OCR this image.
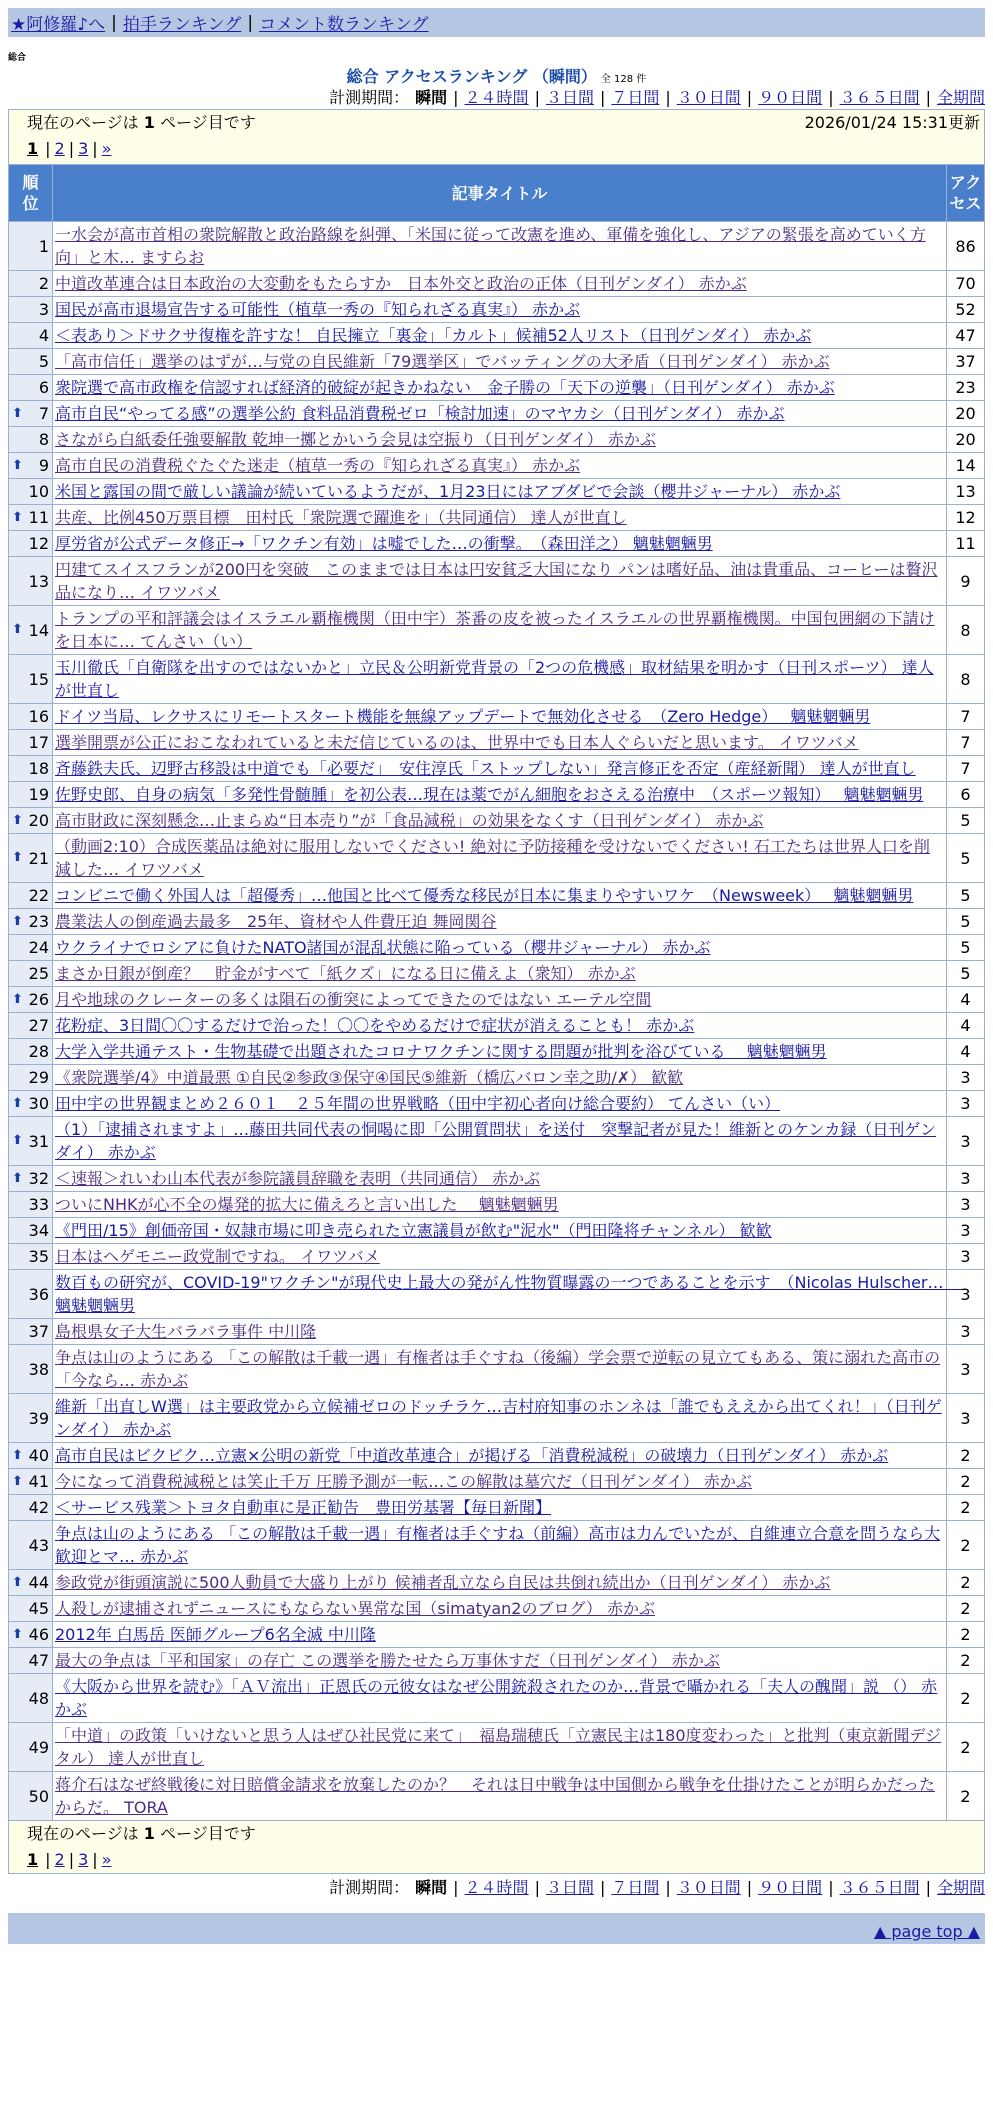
★阿修羅♪へ | 拍手ランキング | コメント数ランキング
総合
総合 アクセスランキング （瞬間） 全 128 件
計測期間： 瞬間 | ２４時間 | ３日間 | ７日間 | ３０日間 | ９０日間 | ３６５日間 | 全期間
現在のページは 1 ページ目です	2026/01/24 15:31更新
1 | 2 | 3 | »
順
位	記事タイトル	アク
セス
1	一水会が高市首相の衆院解散と政治路線を糾弾、「米国に従って改憲を進め、軍備を強化し、アジアの緊張を高めていく方向」と木… ますらお	86
2	中道改革連合は日本政治の大変動をもたらすか　日本外交と政治の正体（日刊ゲンダイ） 赤かぶ	70
3	国民が高市退場宣告する可能性（植草一秀の『知られざる真実』） 赤かぶ	52
4	＜表あり＞ドサクサ復権を許すな！ 自民擁立「裏金」「カルト」候補52人リスト（日刊ゲンダイ） 赤かぶ	47
5	「高市信任」選挙のはずが…与党の自民維新「79選挙区」でバッティングの大矛盾（日刊ゲンダイ） 赤かぶ	37
6	衆院選で高市政権を信認すれば経済的破綻が起きかねない　金子勝の「天下の逆襲」（日刊ゲンダイ） 赤かぶ	23

⬆ 7	高市自民“やってる感”の選挙公約 食料品消費税ゼロ「検討加速」のマヤカシ（日刊ゲンダイ） 赤かぶ	20
8	さながら白紙委任強要解散 乾坤一擲とかいう会見は空振り（日刊ゲンダイ） 赤かぶ	20

⬆ 9	高市自民の消費税ぐたぐた迷走（植草一秀の『知られざる真実』） 赤かぶ	14
10	米国と露国の間で厳しい議論が続いているようだが、1月23日にはアブダビで会談（櫻井ジャーナル） 赤かぶ	13

⬆ 11	共産、比例450万票目標　田村氏「衆院選で躍進を」（共同通信） 達人が世直し	12
12	厚労省が公式データ修正→「ワクチン有効」は嘘でした…の衝撃。　（森田洋之） 魑魅魍魎男	11
13	円建てスイスフランが200円を突破　このままでは日本は円安貧乏大国になり パンは嗜好品、油は貴重品、コーヒーは贅沢品になり… イワツバメ	9

⬆ 14	トランプの平和評議会はイスラエル覇権機関（田中宇）茶番の皮を被ったイスラエルの世界覇権機関。中国包囲網の下請けを日本に… てんさい（い）	8
15	玉川徹氏「自衛隊を出すのではないかと」立民＆公明新党背景の「2つの危機感」取材結果を明かす（日刊スポーツ） 達人が世直し	8
16	ドイツ当局、レクサスにリモートスタート機能を無線アップデートで無効化させる　（Zero Hedge）　 魑魅魍魎男	7
17	選挙開票が公正におこなわれていると未だ信じているのは、世界中でも日本人ぐらいだと思います。 イワツバメ	7
18	斉藤鉄夫氏、辺野古移設は中道でも「必要だ」　安住淳氏「ストップしない」発言修正を否定（産経新聞） 達人が世直し	7
19	佐野史郎、自身の病気「多発性骨髄腫」を初公表…現在は薬でがん細胞をおさえる治療中　（スポーツ報知）　 魑魅魍魎男	6

⬆ 20	高市財政に深刻懸念…止まらぬ“日本売り”が「食品減税」の効果をなくす（日刊ゲンダイ） 赤かぶ	5

⬆ 21	（動画2:10）合成医薬品は絶対に服用しないでください! 絶対に予防接種を受けないでください! 石工たちは世界人口を削減した… イワツバメ	5
22	コンビニで働く外国人は「超優秀」…他国と比べて優秀な移民が日本に集まりやすいワケ　（Newsweek）　 魑魅魍魎男	5

⬆ 23	農業法人の倒産過去最多　25年、資材や人件費圧迫 舞岡関谷	5
24	ウクライナでロシアに負けたNATO諸国が混乱状態に陥っている（櫻井ジャーナル） 赤かぶ	5
25	まさか日銀が倒産？　貯金がすべて「紙クズ」になる日に備えよ（衆知） 赤かぶ	5

⬆ 26	月や地球のクレーターの多くは隕石の衝突によってできたのではない エーテル空間	4
27	花粉症、3日間〇〇するだけで治った！〇〇をやめるだけで症状が消えることも！ 赤かぶ	4
28	大学入学共通テスト・生物基礎で出題されたコロナワクチンに関する問題が批判を浴びている　 魑魅魍魎男	4
29	《衆院選挙/4》中道最悪 ①自民②参政③保守④国民⑤維新（橋広バロン幸之助/✗） 歓歓	3

⬆ 30	田中宇の世界観まとめ２６０１　２５年間の世界戦略（田中宇初心者向け総合要約） てんさい（い）	3

⬆ 31	（1）「逮捕されますよ」…藤田共同代表の恫喝に即「公開質問状」を送付　突撃記者が見た！維新とのケンカ録（日刊ゲンダイ） 赤かぶ	3

⬆ 32	＜速報＞れいわ山本代表が参院議員辞職を表明（共同通信） 赤かぶ	3
33	ついにNHKが心不全の爆発的拡大に備えろと言い出した　 魑魅魍魎男	3
34	《門田/15》創価帝国・奴隷市場に叩き売られた立憲議員が飲む"泥水"（門田隆将チャンネル） 歓歓	3
35	日本はヘゲモニー政党制ですね。 イワツバメ	3
36	数百もの研究が、COVID-19"ワクチン"が現代史上最大の発がん性物質曝露の一つであることを示す　（Nicolas Hulscher…　 魑魅魍魎男	3
37	島根県女子大生バラバラ事件 中川隆	3
38	争点は山のようにある 「この解散は千載一遇」有権者は手ぐすね（後編）学会票で逆転の見立てもある、策に溺れた高市の「今なら… 赤かぶ	3
39	維新「出直しW選」は主要政党から立候補ゼロのドッチラケ…吉村府知事のホンネは「誰でもええから出てくれ！」（日刊ゲンダイ） 赤かぶ	3

⬆ 40	高市自民はビクビク…立憲×公明の新党「中道改革連合」が掲げる「消費税減税」の破壊力（日刊ゲンダイ） 赤かぶ	2

⬆ 41	今になって消費税減税とは笑止千万 圧勝予測が一転…この解散は墓穴だ（日刊ゲンダイ） 赤かぶ	2
42	＜サービス残業＞トヨタ自動車に是正勧告　豊田労基署【毎日新聞】	2
43	争点は山のようにある 「この解散は千載一遇」有権者は手ぐすね（前編）高市は力んでいたが、自維連立合意を問うなら大歓迎とマ… 赤かぶ	2

⬆ 44	参政党が街頭演説に500人動員で大盛り上がり 候補者乱立なら自民は共倒れ続出か（日刊ゲンダイ） 赤かぶ	2
45	人殺しが逮捕されずニュースにもならない異常な国（simatyan2のブログ） 赤かぶ	2

⬆ 46	2012年 白馬岳 医師グループ6名全滅 中川隆	2
47	最大の争点は「平和国家」の存亡 この選挙を勝たせたら万事休すだ（日刊ゲンダイ） 赤かぶ	2
48	《大阪から世界を読む》「ＡＶ流出」正恩氏の元彼女はなぜ公開銃殺されたのか…背景で囁かれる「夫人の醜聞」説 （） 赤かぶ	2
49	「中道」の政策「いけないと思う人はぜひ社民党に来て」　福島瑞穂氏「立憲民主は180度変わった」と批判（東京新聞デジタル） 達人が世直し	2
50	蒋介石はなぜ終戦後に対日賠償金請求を放棄したのか？　それは日中戦争は中国側から戦争を仕掛けたことが明らかだったからだ。 TORA	2
現在のページは 1 ページ目です
1 | 2 | 3 | »
計測期間： 瞬間 | ２４時間 | ３日間 | ７日間 | ３０日間 | ９０日間 | ３６５日間 | 全期間
▲ page top ▲
